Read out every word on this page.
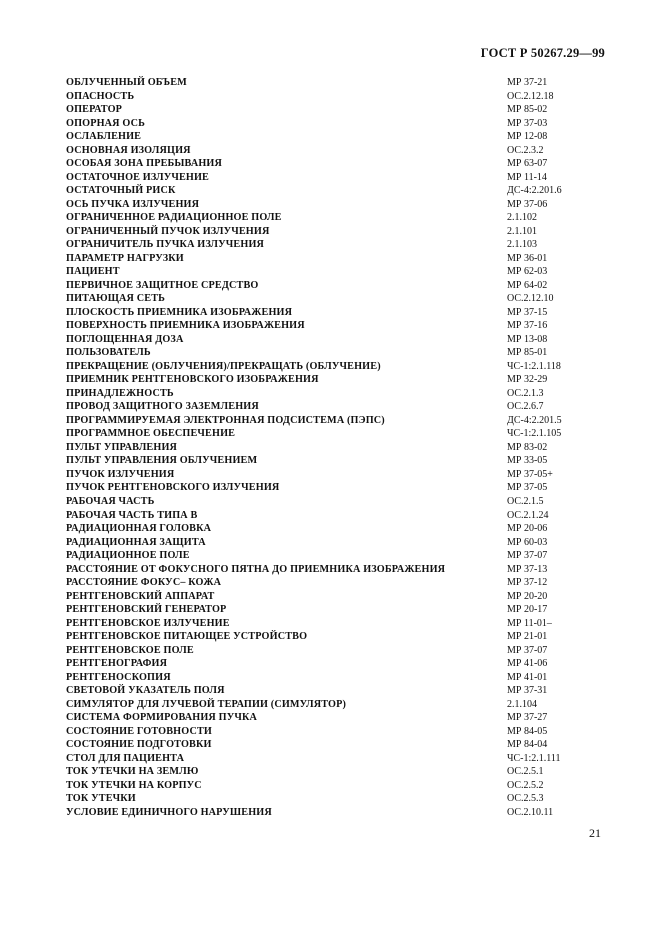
ГОСТ Р 50267.29—99
ОБЛУЧЕННЫЙ ОБЪЕМ	МР 37-21
ОПАСНОСТЬ	ОС.2.12.18
ОПЕРАТОР	МР 85-02
ОПОРНАЯ ОСЬ	МР 37-03
ОСЛАБЛЕНИЕ	МР 12-08
ОСНОВНАЯ ИЗОЛЯЦИЯ	ОС.2.3.2
ОСОБАЯ ЗОНА ПРЕБЫВАНИЯ	МР 63-07
ОСТАТОЧНОЕ ИЗЛУЧЕНИЕ	МР 11-14
ОСТАТОЧНЫЙ РИСК	ДС-4:2.201.6
ОСЬ ПУЧКА ИЗЛУЧЕНИЯ	МР 37-06
ОГРАНИЧЕННОЕ РАДИАЦИОННОЕ ПОЛЕ	2.1.102
ОГРАНИЧЕННЫЙ ПУЧОК ИЗЛУЧЕНИЯ	2.1.101
ОГРАНИЧИТЕЛЬ ПУЧКА ИЗЛУЧЕНИЯ	2.1.103
ПАРАМЕТР НАГРУЗКИ	МР 36-01
ПАЦИЕНТ	МР 62-03
ПЕРВИЧНОЕ ЗАЩИТНОЕ СРЕДСТВО	МР 64-02
ПИТАЮЩАЯ СЕТЬ	ОС.2.12.10
ПЛОСКОСТЬ ПРИЕМНИКА ИЗОБРАЖЕНИЯ	МР 37-15
ПОВЕРХНОСТЬ ПРИЕМНИКА ИЗОБРАЖЕНИЯ	МР 37-16
ПОГЛОЩЕННАЯ ДОЗА	МР 13-08
ПОЛЬЗОВАТЕЛЬ	МР 85-01
ПРЕКРАЩЕНИЕ (ОБЛУЧЕНИЯ)/ПРЕКРАЩАТЬ (ОБЛУЧЕНИЕ)	ЧС-1:2.1.118
ПРИЕМНИК РЕНТГЕНОВСКОГО ИЗОБРАЖЕНИЯ	МР 32-29
ПРИНАДЛЕЖНОСТЬ	ОС.2.1.3
ПРОВОД ЗАЩИТНОГО ЗАЗЕМЛЕНИЯ	ОС.2.6.7
ПРОГРАММИРУЕМАЯ ЭЛЕКТРОННАЯ ПОДСИСТЕМА (ПЭПС)	ДС-4:2.201.5
ПРОГРАММНОЕ ОБЕСПЕЧЕНИЕ	ЧС-1:2.1.105
ПУЛЬТ УПРАВЛЕНИЯ	МР 83-02
ПУЛЬТ УПРАВЛЕНИЯ ОБЛУЧЕНИЕМ	МР 33-05
ПУЧОК ИЗЛУЧЕНИЯ	МР 37-05+
ПУЧОК РЕНТГЕНОВСКОГО ИЗЛУЧЕНИЯ	МР 37-05
РАБОЧАЯ ЧАСТЬ	ОС.2.1.5
РАБОЧАЯ ЧАСТЬ ТИПА В	ОС.2.1.24
РАДИАЦИОННАЯ ГОЛОВКА	МР 20-06
РАДИАЦИОННАЯ ЗАЩИТА	МР 60-03
РАДИАЦИОННОЕ ПОЛЕ	МР 37-07
РАССТОЯНИЕ ОТ ФОКУСНОГО ПЯТНА ДО ПРИЕМНИКА ИЗОБРАЖЕНИЯ	МР 37-13
РАССТОЯНИЕ ФОКУС– КОЖА	МР 37-12
РЕНТГЕНОВСКИЙ АППАРАТ	МР 20-20
РЕНТГЕНОВСКИЙ ГЕНЕРАТОР	МР 20-17
РЕНТГЕНОВСКОЕ ИЗЛУЧЕНИЕ	МР 11-01–
РЕНТГЕНОВСКОЕ ПИТАЮЩЕЕ УСТРОЙСТВО	МР 21-01
РЕНТГЕНОВСКОЕ ПОЛЕ	МР 37-07
РЕНТГЕНОГРАФИЯ	МР 41-06
РЕНТГЕНОСКОПИЯ	МР 41-01
СВЕТОВОЙ УКАЗАТЕЛЬ ПОЛЯ	МР 37-31
СИМУЛЯТОР ДЛЯ ЛУЧЕВОЙ ТЕРАПИИ (СИМУЛЯТОР)	2.1.104
СИСТЕМА ФОРМИРОВАНИЯ ПУЧКА	МР 37-27
СОСТОЯНИЕ ГОТОВНОСТИ	МР 84-05
СОСТОЯНИЕ ПОДГОТОВКИ	МР 84-04
СТОЛ ДЛЯ ПАЦИЕНТА	ЧС-1:2.1.111
ТОК УТЕЧКИ НА ЗЕМЛЮ	ОС.2.5.1
ТОК УТЕЧКИ НА КОРПУС	ОС.2.5.2
ТОК УТЕЧКИ	ОС.2.5.3
УСЛОВИЕ ЕДИНИЧНОГО НАРУШЕНИЯ	ОС.2.10.11
21
